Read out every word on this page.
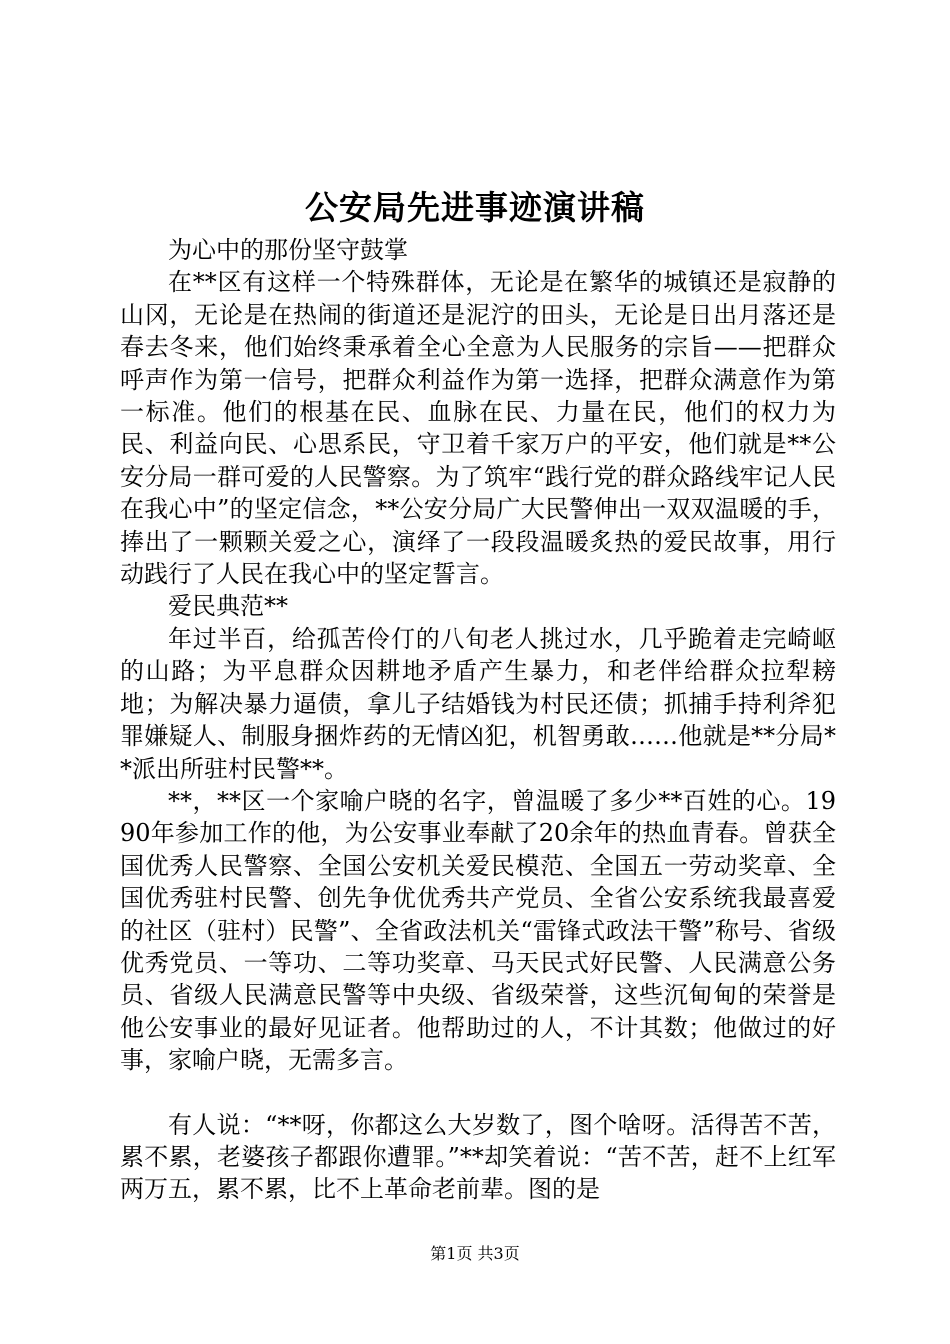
公安局先进事迹演讲稿

为心中的那份坚守鼓掌

在**区有这样一个特殊群体，无论是在繁华的城镇还是寂静的山冈，无论是在热闹的街道还是泥泞的田头，无论是日出月落还是春去冬来，他们始终秉承着全心全意为人民服务的宗旨——把群众呼声作为第一信号，把群众利益作为第一选择，把群众满意作为第一标准。他们的根基在民、血脉在民、力量在民，他们的权力为民、利益向民、心思系民，守卫着千家万户的平安，他们就是**公安分局一群可爱的人民警察。为了筑牢“践行党的群众路线牢记人民在我心中”的坚定信念，**公安分局广大民警伸出一双双温暖的手，捧出了一颗颗关爱之心，演绎了一段段温暖炙热的爱民故事，用行动践行了人民在我心中的坚定誓言。

爱民典范**

年过半百，给孤苦伶仃的八旬老人挑过水，几乎跪着走完崎岖的山路；为平息群众因耕地矛盾产生暴力，和老伴给群众拉犁耪地；为解决暴力逼债，拿儿子结婚钱为村民还债；抓捕手持利斧犯罪嫌疑人、制服身捆炸药的无情凶犯，机智勇敢……他就是**分局**派出所驻村民警**。

**，**区一个家喻户晓的名字，曾温暖了多少**百姓的心。1990年参加工作的他，为公安事业奉献了20余年的热血青春。曾获全国优秀人民警察、全国公安机关爱民模范、全国五一劳动奖章、全国优秀驻村民警、创先争优优秀共产党员、全省公安系统我最喜爱的社区（驻村）民警”、全省政法机关“雷锋式政法干警”称号、省级优秀党员、一等功、二等功奖章、马天民式好民警、人民满意公务员、省级人民满意民警等中央级、省级荣誉，这些沉甸甸的荣誉是他公安事业的最好见证者。他帮助过的人，不计其数；他做过的好事，家喻户晓，无需多言。

有人说：“**呀，你都这么大岁数了，图个啥呀。活得苦不苦，累不累，老婆孩子都跟你遭罪。”**却笑着说：“苦不苦，赶不上红军两万五，累不累，比不上革命老前辈。图的是

第1页 共3页
